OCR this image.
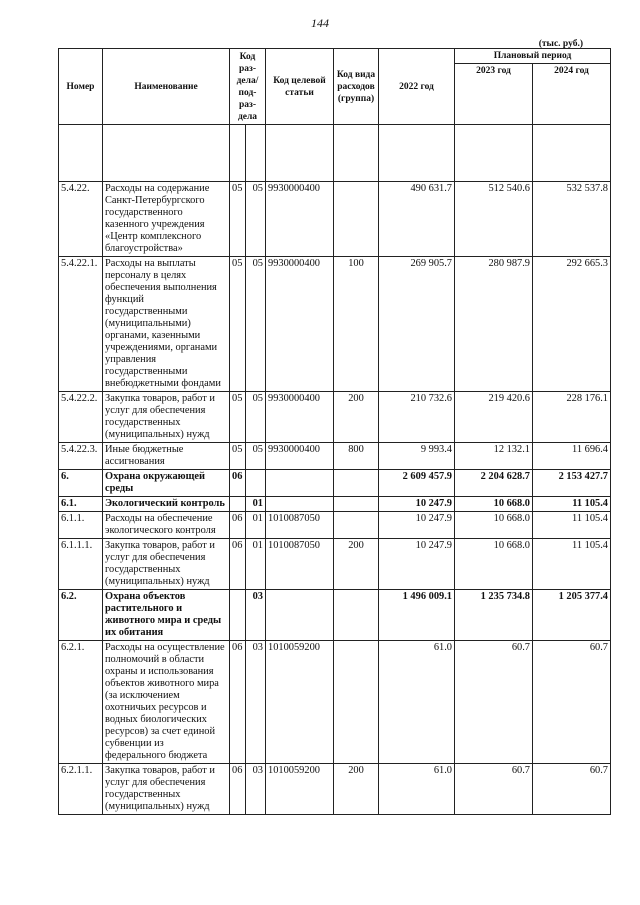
144
(тыс. руб.)
Номер	Наименование	Код раз-дела/ под-раз-дела		Код целевой статьи	Код вида расходов (группа)	2022 год	Плановый период	
							2023 год	2024 год

5.4.22.	Расходы на содержание Санкт-Петербургского государственного казенного учреждения «Центр комплексного благоустройства»	05	05	9930000400		490 631.7	512 540.6	532 537.8
5.4.22.1.	Расходы на выплаты персоналу в целях обеспечения выполнения функций государственными (муниципальными) органами, казенными учреждениями, органами управления государственными внебюджетными фондами	05	05	9930000400	100	269 905.7	280 987.9	292 665.3
5.4.22.2.	Закупка товаров, работ и услуг для обеспечения государственных (муниципальных) нужд	05	05	9930000400	200	210 732.6	219 420.6	228 176.1
5.4.22.3.	Иные бюджетные ассигнования	05	05	9930000400	800	9 993.4	12 132.1	11 696.4
6.	Охрана окружающей среды	06				2 609 457.9	2 204 628.7	2 153 427.7
6.1.	Экологический контроль		01			10 247.9	10 668.0	11 105.4
6.1.1.	Расходы на обеспечение экологического контроля	06	01	1010087050		10 247.9	10 668.0	11 105.4
6.1.1.1.	Закупка товаров, работ и услуг для обеспечения государственных (муниципальных) нужд	06	01	1010087050	200	10 247.9	10 668.0	11 105.4
6.2.	Охрана объектов растительного и животного мира и среды их обитания		03			1 496 009.1	1 235 734.8	1 205 377.4
6.2.1.	Расходы на осуществление полномочий в области охраны и использования объектов животного мира (за исключением охотничьих ресурсов и водных биологических ресурсов) за счет единой субвенции из федерального бюджета	06	03	1010059200		61.0	60.7	60.7
6.2.1.1.	Закупка товаров, работ и услуг для обеспечения государственных (муниципальных) нужд	06	03	1010059200	200	61.0	60.7	60.7
